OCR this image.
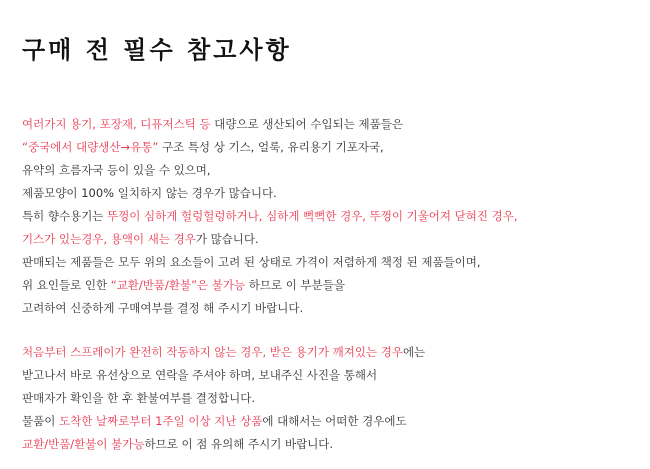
구매 전 필수 참고사항
여러가지 용기, 포장재, 디퓨저스틱 등 대량으로 생산되어 수입되는 제품들은
“중국에서 대량생산→유통” 구조 특성 상 기스, 얼룩, 유리용기 기포자국,
유약의 흐름자국 등이 있을 수 있으며,
제품모양이 100% 일치하지 않는 경우가 많습니다.
특히 향수용기는 뚜껑이 심하게 헐렁헐렁하거나, 심하게 뻑뻑한 경우, 뚜껑이 기울어져 닫혀진 경우,
기스가 있는경우, 용액이 새는 경우가 많습니다.
판매되는 제품들은 모두 위의 요소들이 고려 된 상태로 가격이 저렴하게 책정 된 제품들이며,
위 요인들로 인한 “교환/반품/환불”은 불가능 하므로 이 부분들을
고려하여 신중하게 구매여부를 결정 해 주시기 바랍니다.
처음부터 스프레이가 완전히 작동하지 않는 경우, 받은 용기가 깨져있는 경우에는
받고나서 바로 유선상으로 연락을 주셔야 하며, 보내주신 사진을 통해서
판매자가 확인을 한 후 환불여부를 결정합니다.
물품이 도착한 날짜로부터 1주일 이상 지난 상품에 대해서는 어떠한 경우에도
교환/반품/환불이 불가능하므로 이 점 유의해 주시기 바랍니다.
